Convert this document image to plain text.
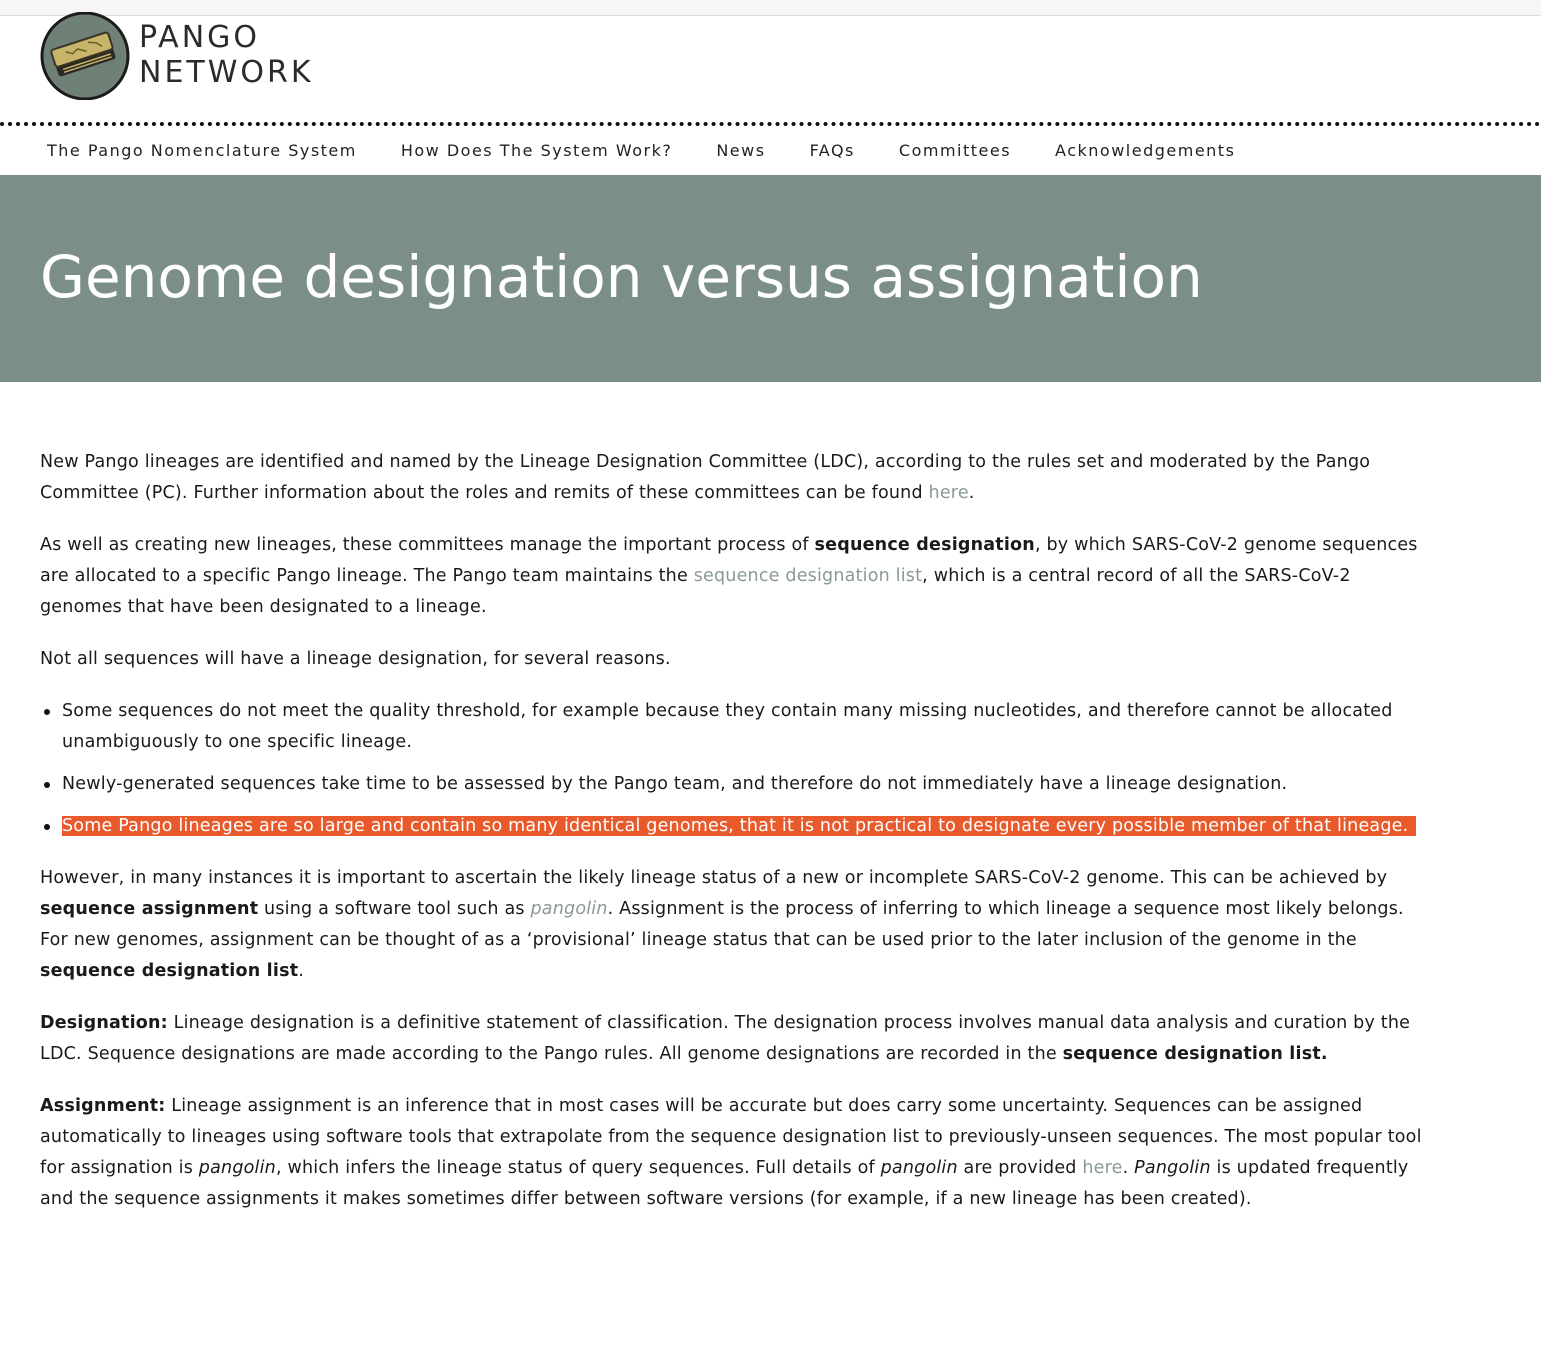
PANGO
NETWORK
The Pango Nomenclature System	How Does The System Work?	News	FAQs	Committees	Acknowledgements
Genome designation versus assignation

New Pango lineages are identified and named by the Lineage Designation Committee (LDC), according to the rules set and moderated by the Pango Committee (PC). Further information about the roles and remits of these committees can be found here.

As well as creating new lineages, these committees manage the important process of sequence designation, by which SARS-CoV-2 genome sequences are allocated to a specific Pango lineage. The Pango team maintains the sequence designation list, which is a central record of all the SARS-CoV-2 genomes that have been designated to a lineage.

Not all sequences will have a lineage designation, for several reasons.

Some sequences do not meet the quality threshold, for example because they contain many missing nucleotides, and therefore cannot be allocated unambiguously to one specific lineage.
Newly-generated sequences take time to be assessed by the Pango team, and therefore do not immediately have a lineage designation.
Some Pango lineages are so large and contain so many identical genomes, that it is not practical to designate every possible member of that lineage.

However, in many instances it is important to ascertain the likely lineage status of a new or incomplete SARS-CoV-2 genome. This can be achieved by sequence assignment using a software tool such as pangolin. Assignment is the process of inferring to which lineage a sequence most likely belongs. For new genomes, assignment can be thought of as a ‘provisional’ lineage status that can be used prior to the later inclusion of the genome in the sequence designation list.

Designation: Lineage designation is a definitive statement of classification. The designation process involves manual data analysis and curation by the LDC. Sequence designations are made according to the Pango rules. All genome designations are recorded in the sequence designation list.

Assignment: Lineage assignment is an inference that in most cases will be accurate but does carry some uncertainty. Sequences can be assigned automatically to lineages using software tools that extrapolate from the sequence designation list to previously-unseen sequences. The most popular tool for assignation is pangolin, which infers the lineage status of query sequences. Full details of pangolin are provided here. Pangolin is updated frequently and the sequence assignments it makes sometimes differ between software versions (for example, if a new lineage has been created).
